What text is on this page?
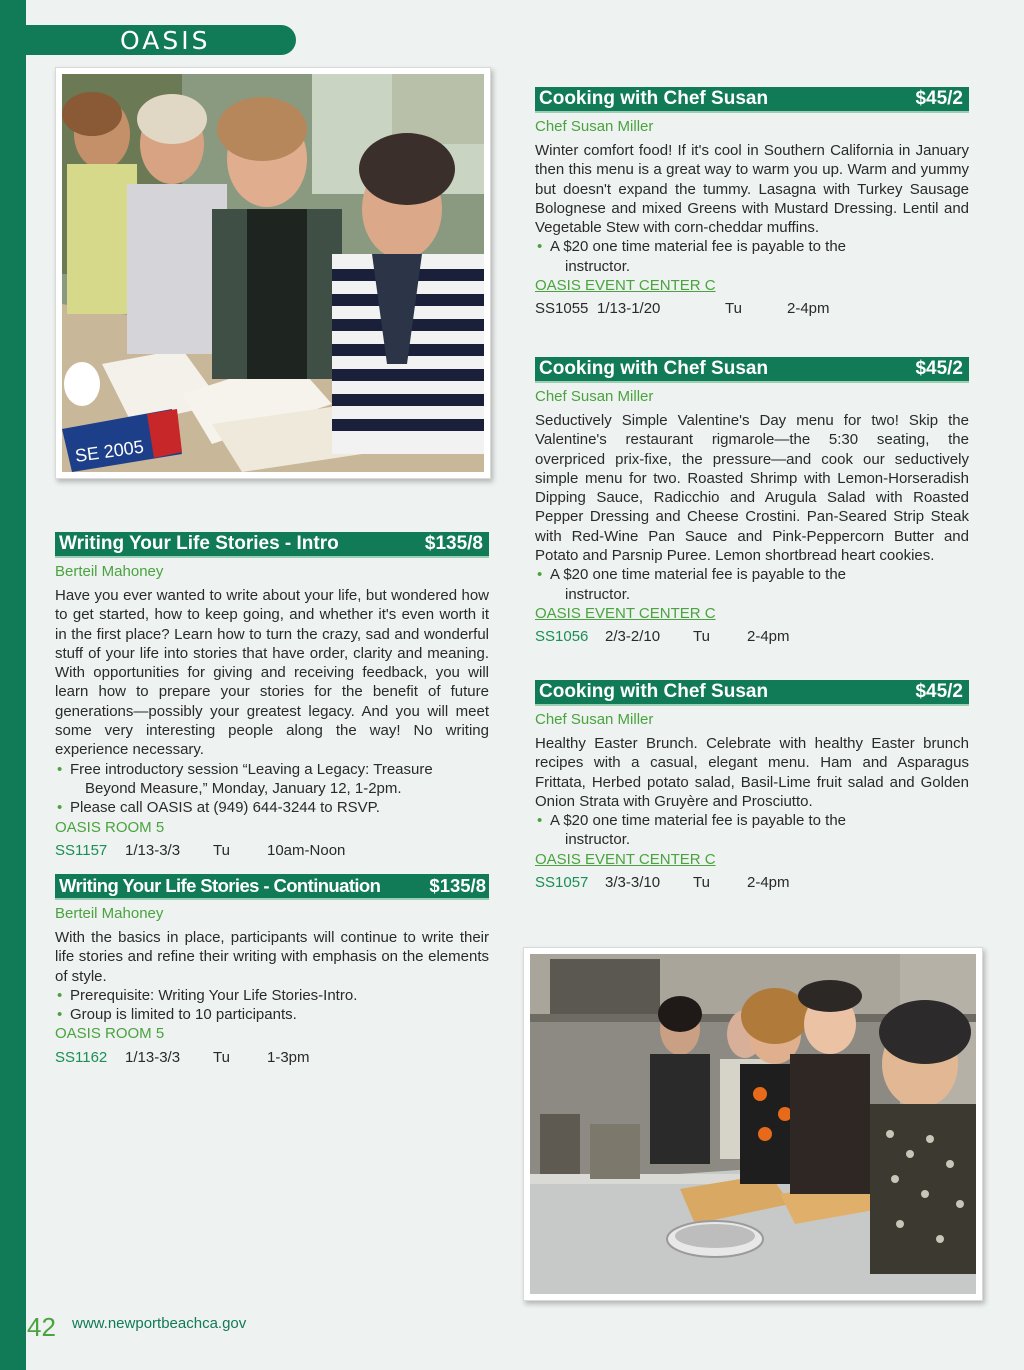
OASIS
SE 2005
Writing Your Life Stories - Intro	$135/8
Berteil Mahoney
Have you ever wanted to write about your life, but wondered how to get started, how to keep going, and whether it's even worth it in the first place? Learn how to turn the crazy, sad and wonderful stuff of your life into stories that have order, clarity and meaning. With opportunities for giving and receiving feedback, you will learn how to prepare your stories for the benefit of future generations—possibly your greatest legacy. And you will meet some very interesting people along the way! No writing experience necessary.
• Free introductory session “Leaving a Legacy: Treasure
Beyond Measure,” Monday, January 12, 1-2pm.
• Please call OASIS at (949) 644-3244 to RSVP.
OASIS ROOM 5
SS1157	1/13-3/3	Tu	10am-Noon
Writing Your Life Stories - Continuation	$135/8
Berteil Mahoney
With the basics in place, participants will continue to write their life stories and refine their writing with emphasis on the elements of style.
• Prerequisite: Writing Your Life Stories-Intro.
• Group is limited to 10 participants.
OASIS ROOM 5
SS1162	1/13-3/3	Tu	1-3pm
Cooking with Chef Susan	$45/2
Chef Susan Miller
Winter comfort food! If it's cool in Southern California in January then this menu is a great way to warm you up. Warm and yummy but doesn't expand the tummy. Lasagna with Turkey Sausage Bolognese and mixed Greens with Mustard Dressing. Lentil and Vegetable Stew with corn-cheddar muffins.
• A $20 one time material fee is payable to the
instructor.
OASIS EVENT CENTER C
SS1055 1/13-1/20	Tu	2-4pm
Cooking with Chef Susan	$45/2
Chef Susan Miller
Seductively Simple Valentine's Day menu for two! Skip the Valentine's restaurant rigmarole—the 5:30 seating, the overpriced prix-fixe, the pressure—and cook our seductively simple menu for two. Roasted Shrimp with Lemon-Horseradish Dipping Sauce, Radicchio and Arugula Salad with Roasted Pepper Dressing and Cheese Crostini. Pan-Seared Strip Steak with Red-Wine Pan Sauce and Pink-Peppercorn Butter and Potato and Parsnip Puree. Lemon shortbread heart cookies.
• A $20 one time material fee is payable to the
instructor.
OASIS EVENT CENTER C
SS1056	2/3-2/10	Tu	2-4pm
Cooking with Chef Susan	$45/2
Chef Susan Miller
Healthy Easter Brunch. Celebrate with healthy Easter brunch recipes with a casual, elegant menu. Ham and Asparagus Frittata, Herbed potato salad, Basil-Lime fruit salad and Golden Onion Strata with Gruyère and Prosciutto.
• A $20 one time material fee is payable to the
instructor.
OASIS EVENT CENTER C
SS1057	3/3-3/10	Tu	2-4pm
42 www.newportbeachca.gov
